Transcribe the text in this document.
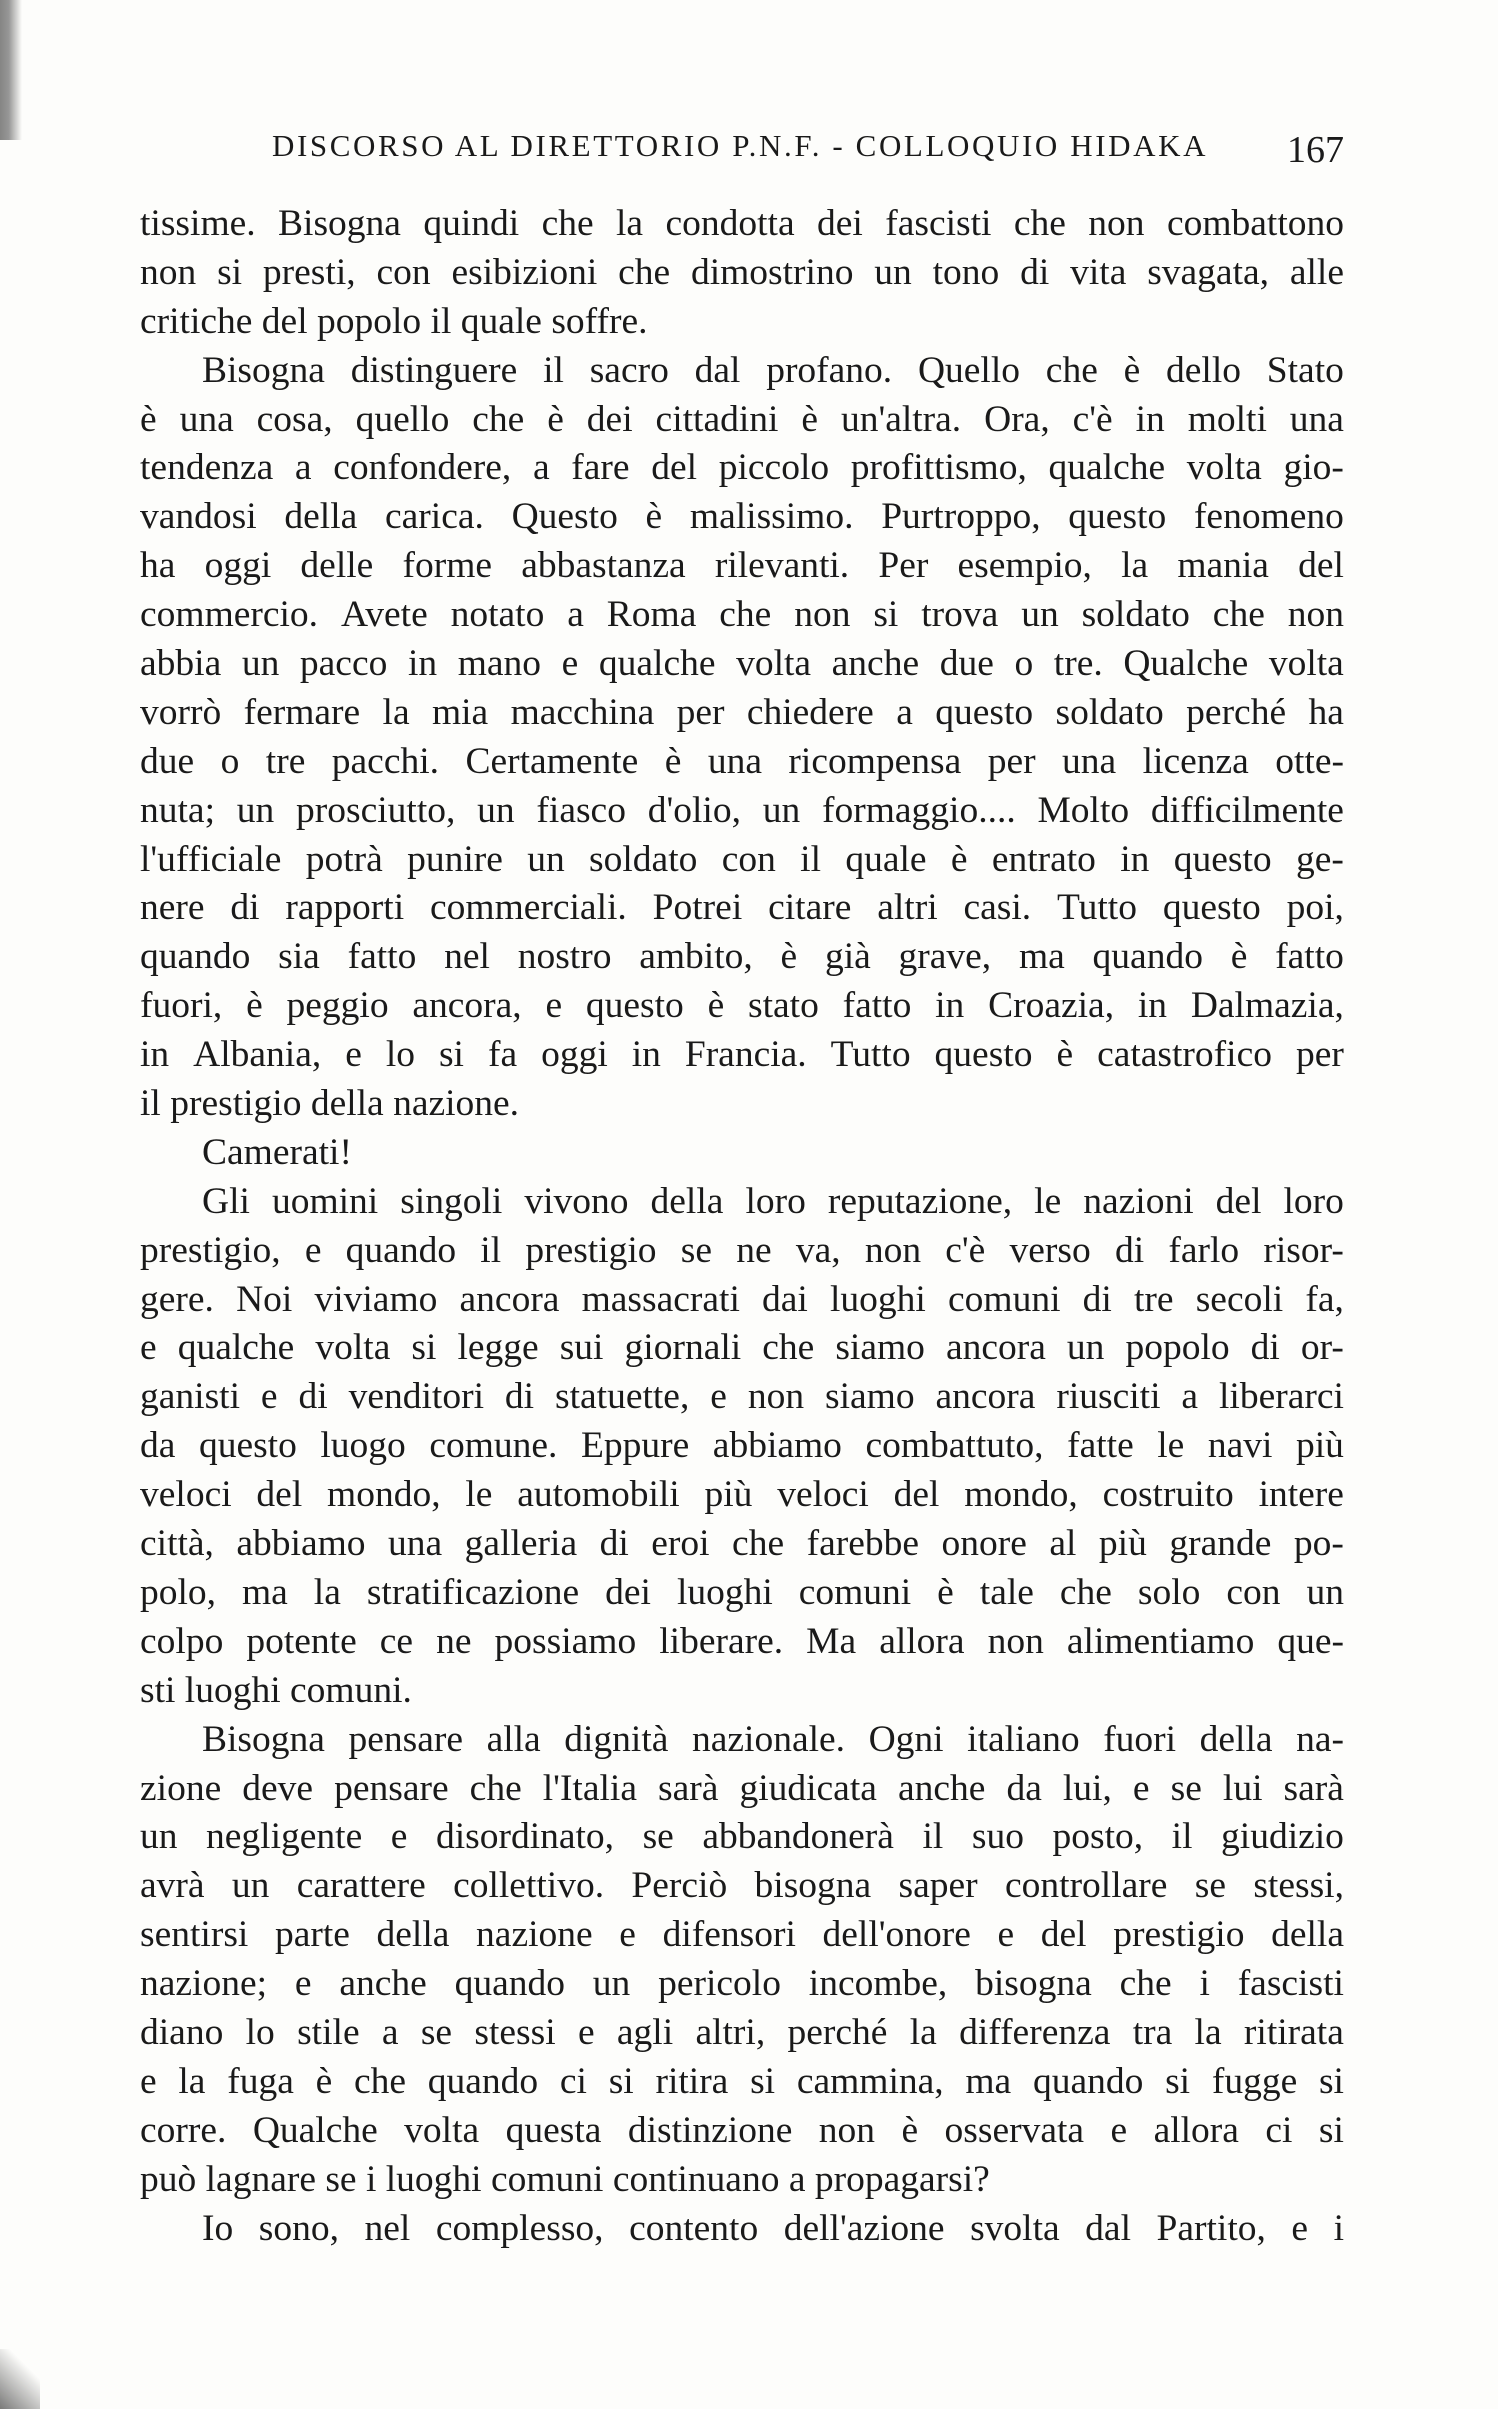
DISCORSO AL DIRETTORIO P.N.F. - COLLOQUIO HIDAKA 167
tissime. Bisogna quindi che la condotta dei fascisti che non combattono
non si presti, con esibizioni che dimostrino un tono di vita svagata, alle
critiche del popolo il quale soffre.
Bisogna distinguere il sacro dal profano. Quello che è dello Stato
è una cosa, quello che è dei cittadini è un'altra. Ora, c'è in molti una
tendenza a confondere, a fare del piccolo profittismo, qualche volta gio-
vandosi della carica. Questo è malissimo. Purtroppo, questo fenomeno
ha oggi delle forme abbastanza rilevanti. Per esempio, la mania del
commercio. Avete notato a Roma che non si trova un soldato che non
abbia un pacco in mano e qualche volta anche due o tre. Qualche volta
vorrò fermare la mia macchina per chiedere a questo soldato perché ha
due o tre pacchi. Certamente è una ricompensa per una licenza otte-
nuta; un prosciutto, un fiasco d'olio, un formaggio.... Molto difficilmente
l'ufficiale potrà punire un soldato con il quale è entrato in questo ge-
nere di rapporti commerciali. Potrei citare altri casi. Tutto questo poi,
quando sia fatto nel nostro ambito, è già grave, ma quando è fatto
fuori, è peggio ancora, e questo è stato fatto in Croazia, in Dalmazia,
in Albania, e lo si fa oggi in Francia. Tutto questo è catastrofico per
il prestigio della nazione.
Camerati!
Gli uomini singoli vivono della loro reputazione, le nazioni del loro
prestigio, e quando il prestigio se ne va, non c'è verso di farlo risor-
gere. Noi viviamo ancora massacrati dai luoghi comuni di tre secoli fa,
e qualche volta si legge sui giornali che siamo ancora un popolo di or-
ganisti e di venditori di statuette, e non siamo ancora riusciti a liberarci
da questo luogo comune. Eppure abbiamo combattuto, fatte le navi più
veloci del mondo, le automobili più veloci del mondo, costruito intere
città, abbiamo una galleria di eroi che farebbe onore al più grande po-
polo, ma la stratificazione dei luoghi comuni è tale che solo con un
colpo potente ce ne possiamo liberare. Ma allora non alimentiamo que-
sti luoghi comuni.
Bisogna pensare alla dignità nazionale. Ogni italiano fuori della na-
zione deve pensare che l'Italia sarà giudicata anche da lui, e se lui sarà
un negligente e disordinato, se abbandonerà il suo posto, il giudizio
avrà un carattere collettivo. Perciò bisogna saper controllare se stessi,
sentirsi parte della nazione e difensori dell'onore e del prestigio della
nazione; e anche quando un pericolo incombe, bisogna che i fascisti
diano lo stile a se stessi e agli altri, perché la differenza tra la ritirata
e la fuga è che quando ci si ritira si cammina, ma quando si fugge si
corre. Qualche volta questa distinzione non è osservata e allora ci si
può lagnare se i luoghi comuni continuano a propagarsi?
Io sono, nel complesso, contento dell'azione svolta dal Partito, e i
